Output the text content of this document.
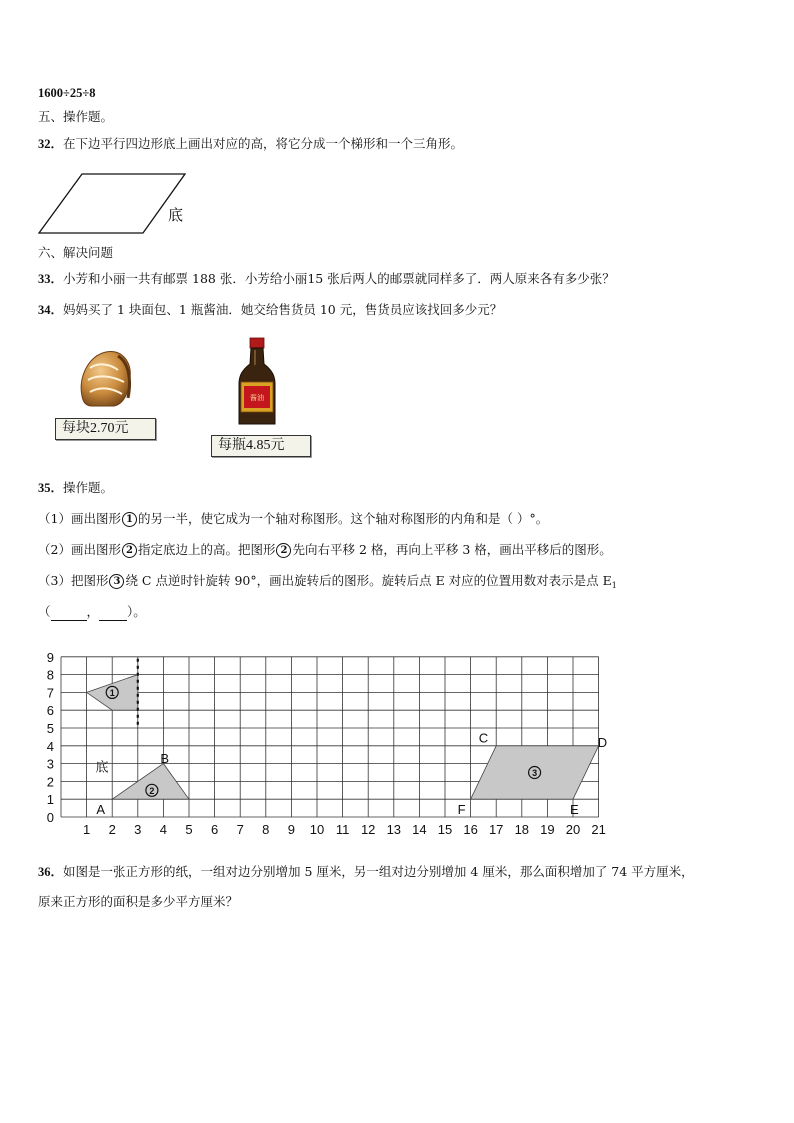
1600÷25÷8
五、操作题。
32．在下边平行四边形底上画出对应的高，将它分成一个梯形和一个三角形。
底
六、解决问题
33．小芳和小丽一共有邮票 188 张．小芳给小丽15 张后两人的邮票就同样多了．两人原来各有多少张？
34．妈妈买了 1 块面包、1 瓶酱油．她交给售货员 10 元，售货员应该找回多少元？
每块2.70元
酱油
每瓶4.85元
35．操作题。
（1）画出图形 1 的另一半，使它成为一个轴对称图形。这个轴对称图形的内角和是（ ）°。
（2）画出图形 2 指定底边上的高。把图形 2 先向右平移 2 格，再向上平移 3 格，画出平移后的图形。
（3）把图形 3 绕 C 点逆时针旋转 90°，画出旋转后的图形。旋转后点 E 对应的位置用数对表示是点 $E_1$
（	， ）。
1 2 3 4 5 6 7 8 9 10 11 12 13 14 15 16 17 18 19 20 21
0
1
2
3
4
5
6
7
8
9
1
2
3
底
A
B
F
C	D
E
36．如图是一张正方形的纸，一组对边分别增加 5 厘米，另一组对边分别增加 4 厘米，那么面积增加了 74 平方厘米，
原来正方形的面积是多少平方厘米？
